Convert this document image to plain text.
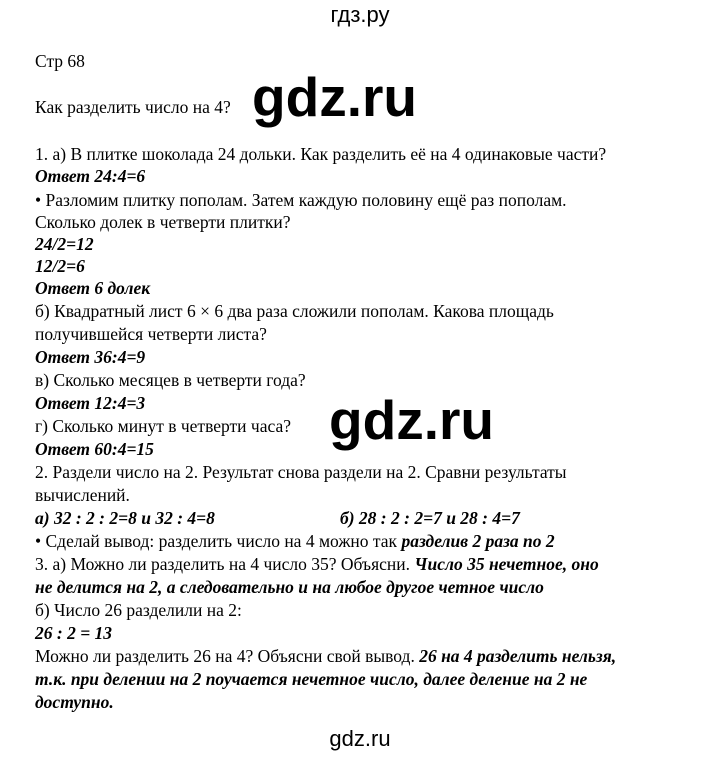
гдз.ру
Стр 68
Как разделить число на 4?
1. а) В плитке шоколада 24 дольки. Как разделить её на 4 одинаковые части?
Ответ 24:4=6
• Разломим плитку пополам. Затем каждую половину ещё раз пополам.
Сколько долек в четверти плитки?
24/2=12
12/2=6
Ответ 6 долек
б) Квадратный лист 6 × 6 два раза сложили пополам. Какова площадь
получившейся четверти листа?
Ответ 36:4=9
в) Сколько месяцев в четверти года?
Ответ 12:4=3
г) Сколько минут в четверти часа?
Ответ 60:4=15
2. Раздели число на 2. Результат снова раздели на 2. Сравни результаты
вычислений.
а) 32 : 2 : 2=8 и 32 : 4=8	б) 28 : 2 : 2=7 и 28 : 4=7
• Сделай вывод: разделить число на 4 можно так разделив 2 раза по 2
3. а) Можно ли разделить на 4 число 35? Объясни. Число 35 нечетное, оно
не делится на 2, а следовательно и на любое другое четное число
б) Число 26 разделили на 2:
26 : 2 = 13
Можно ли разделить 26 на 4? Объясни свой вывод. 26 на 4 разделить нельзя,
т.к. при делении на 2 поучается нечетное число, далее деление на 2 не
доступно.
gdz.ru
gdz.ru
gdz.ru
